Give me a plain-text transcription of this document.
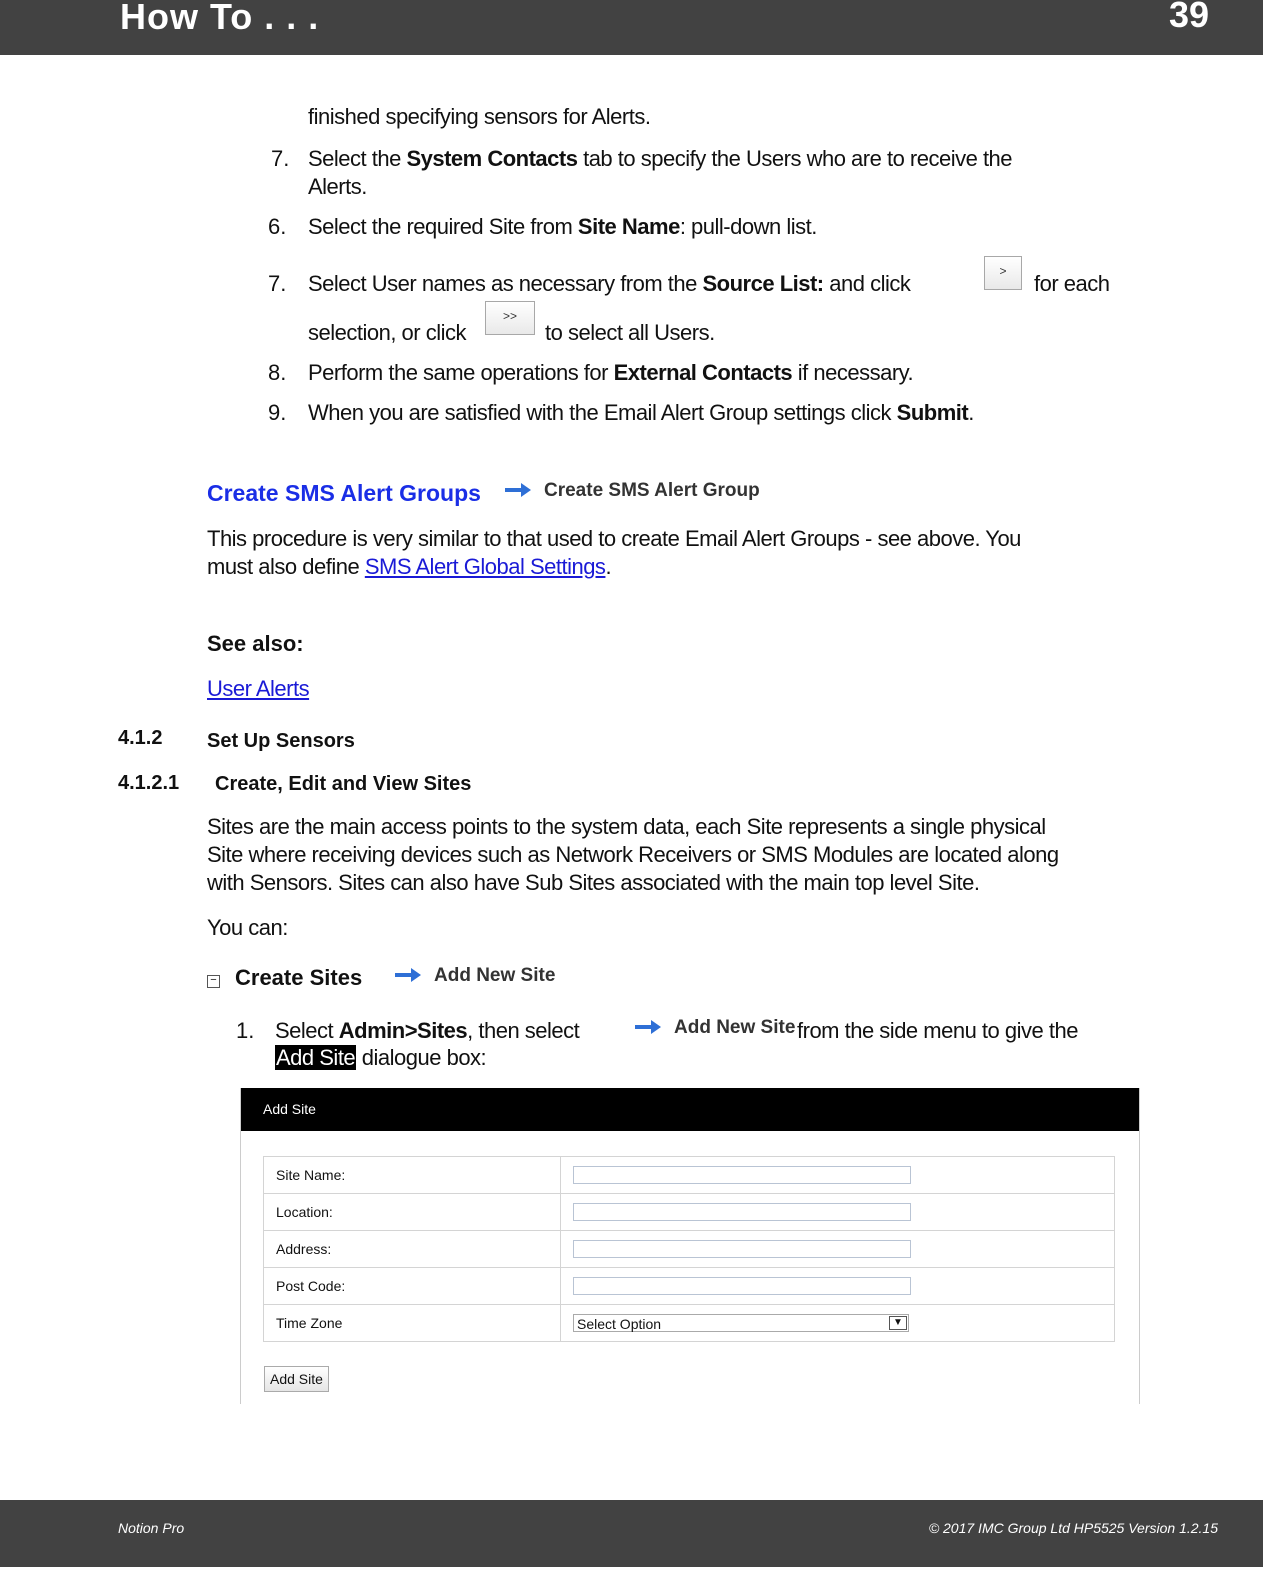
How To . . .	39
finished specifying sensors for Alerts.
7. Select the System Contacts tab to specify the Users who are to receive the
Alerts.
6. Select the required Site from Site Name: pull-down list.
7. Select User names as necessary from the Source List: and click	>	for each
selection, or click
>>
to select all Users.
8. Perform the same operations for External Contacts if necessary.
9. When you are satisfied with the Email Alert Group settings click Submit.
Create SMS Alert Groups	Create SMS Alert Group
This procedure is very similar to that used to create Email Alert Groups - see above. You
must also define SMS Alert Global Settings.
See also:
User Alerts
4.1.2 Set Up Sensors
4.1.2.1 Create, Edit and View Sites
Sites are the main access points to the system data, each Site represents a single physical
Site where receiving devices such as Network Receivers or SMS Modules are located along
with Sensors. Sites can also have Sub Sites associated with the main top level Site.
You can:
− Create Sites	Add New Site
1. Select Admin>Sites, then select	Add New Site from the side menu to give the
Add Site dialogue box:
Add Site
Site Name:	

Location:	

Address:	

Post Code:	

Time Zone	Select Option ▼
Add Site
Notion Pro	© 2017 IMC Group Ltd HP5525 Version 1.2.15
